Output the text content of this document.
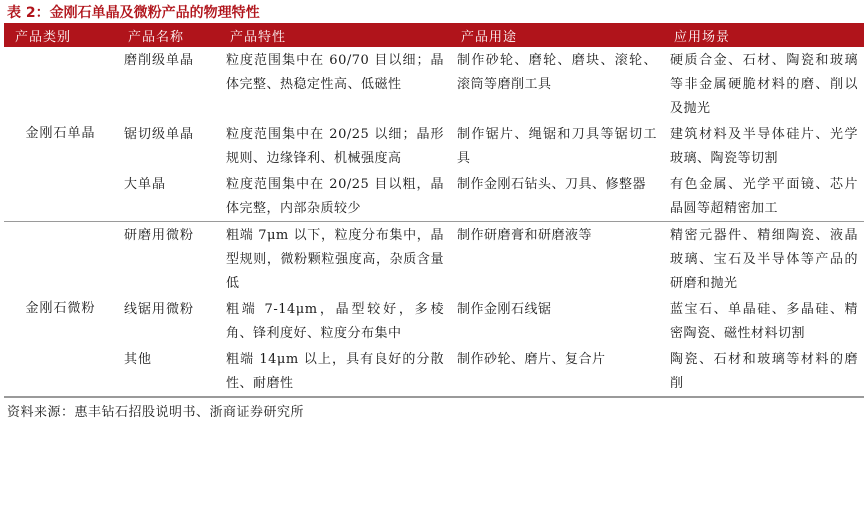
表 2：金刚石单晶及微粉产品的物理特性
产品类别	产品名称	产品特性	产品用途	应用场景
金刚石单晶	磨削级单晶	粒度范围集中在 60/70 目以细；晶体完整、热稳定性高、低磁性	制作砂轮、磨轮、磨块、滚轮、滚筒等磨削工具	硬质合金、石材、陶瓷和玻璃等非金属硬脆材料的磨、削以及抛光
	锯切级单晶	粒度范围集中在 20/25 以细；晶形规则、边缘锋利、机械强度高	制作锯片、绳锯和刀具等锯切工具	建筑材料及半导体硅片、光学玻璃、陶瓷等切割
	大单晶	粒度范围集中在 20/25 目以粗，晶体完整，内部杂质较少	制作金刚石钻头、刀具、修整器	有色金属、光学平面镜、芯片晶圆等超精密加工
金刚石微粉	研磨用微粉	粗端 7μm 以下，粒度分布集中，晶型规则，微粉颗粒强度高，杂质含量低	制作研磨膏和研磨液等	精密元器件、精细陶瓷、液晶玻璃、宝石及半导体等产品的研磨和抛光
	线锯用微粉	粗端 7-14μm，晶型较好，多棱角、锋利度好、粒度分布集中	制作金刚石线锯	蓝宝石、单晶硅、多晶硅、精密陶瓷、磁性材料切割
	其他	粗端 14μm 以上，具有良好的分散性、耐磨性	制作砂轮、磨片、复合片	陶瓷、石材和玻璃等材料的磨削
资料来源：惠丰钻石招股说明书、浙商证券研究所
